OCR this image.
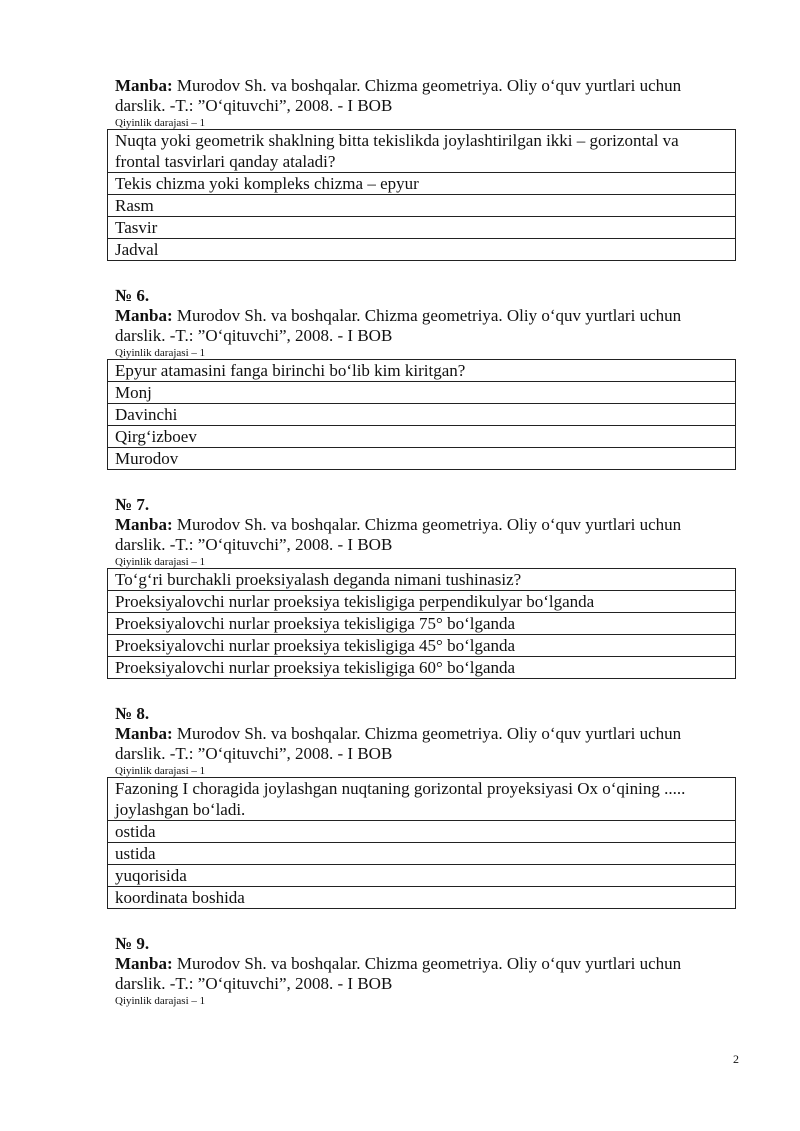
Manba: Murodov Sh. va boshqalar. Chizma geometriya. Oliy o‘quv yurtlari uchun darslik. -T.: ”O‘qituvchi”, 2008. - I BOB
Qiyinlik darajasi – 1
Nuqta yoki geometrik shaklning bitta tekislikda joylashtirilgan ikki – gorizontal va frontal tasvirlari qanday ataladi?
Tekis chizma yoki kompleks chizma – epyur
Rasm
Tasvir
Jadval
№ 6.
Manba: Murodov Sh. va boshqalar. Chizma geometriya. Oliy o‘quv yurtlari uchun darslik. -T.: ”O‘qituvchi”, 2008. - I BOB
Qiyinlik darajasi – 1
Epyur atamasini fanga birinchi bo‘lib kim kiritgan?
Monj
Davinchi
Qirg‘izboev
Murodov
№ 7.
Manba: Murodov Sh. va boshqalar. Chizma geometriya. Oliy o‘quv yurtlari uchun darslik. -T.: ”O‘qituvchi”, 2008. - I BOB
Qiyinlik darajasi – 1
To‘g‘ri burchakli proeksiyalash deganda nimani tushinasiz?
Proeksiyalovchi nurlar proeksiya tekisligiga perpendikulyar bo‘lganda
Proeksiyalovchi nurlar proeksiya tekisligiga 75° bo‘lganda
Proeksiyalovchi nurlar proeksiya tekisligiga 45° bo‘lganda
Proeksiyalovchi nurlar proeksiya tekisligiga 60° bo‘lganda
№ 8.
Manba: Murodov Sh. va boshqalar. Chizma geometriya. Oliy o‘quv yurtlari uchun darslik. -T.: ”O‘qituvchi”, 2008. - I BOB
Qiyinlik darajasi – 1
Fazoning I choragida joylashgan nuqtaning gorizontal proyeksiyasi Ox o‘qining ..... joylashgan bo‘ladi.
ostida
ustida
yuqorisida
koordinata boshida
№ 9.
Manba: Murodov Sh. va boshqalar. Chizma geometriya. Oliy o‘quv yurtlari uchun darslik. -T.: ”O‘qituvchi”, 2008. - I BOB
Qiyinlik darajasi – 1
2
